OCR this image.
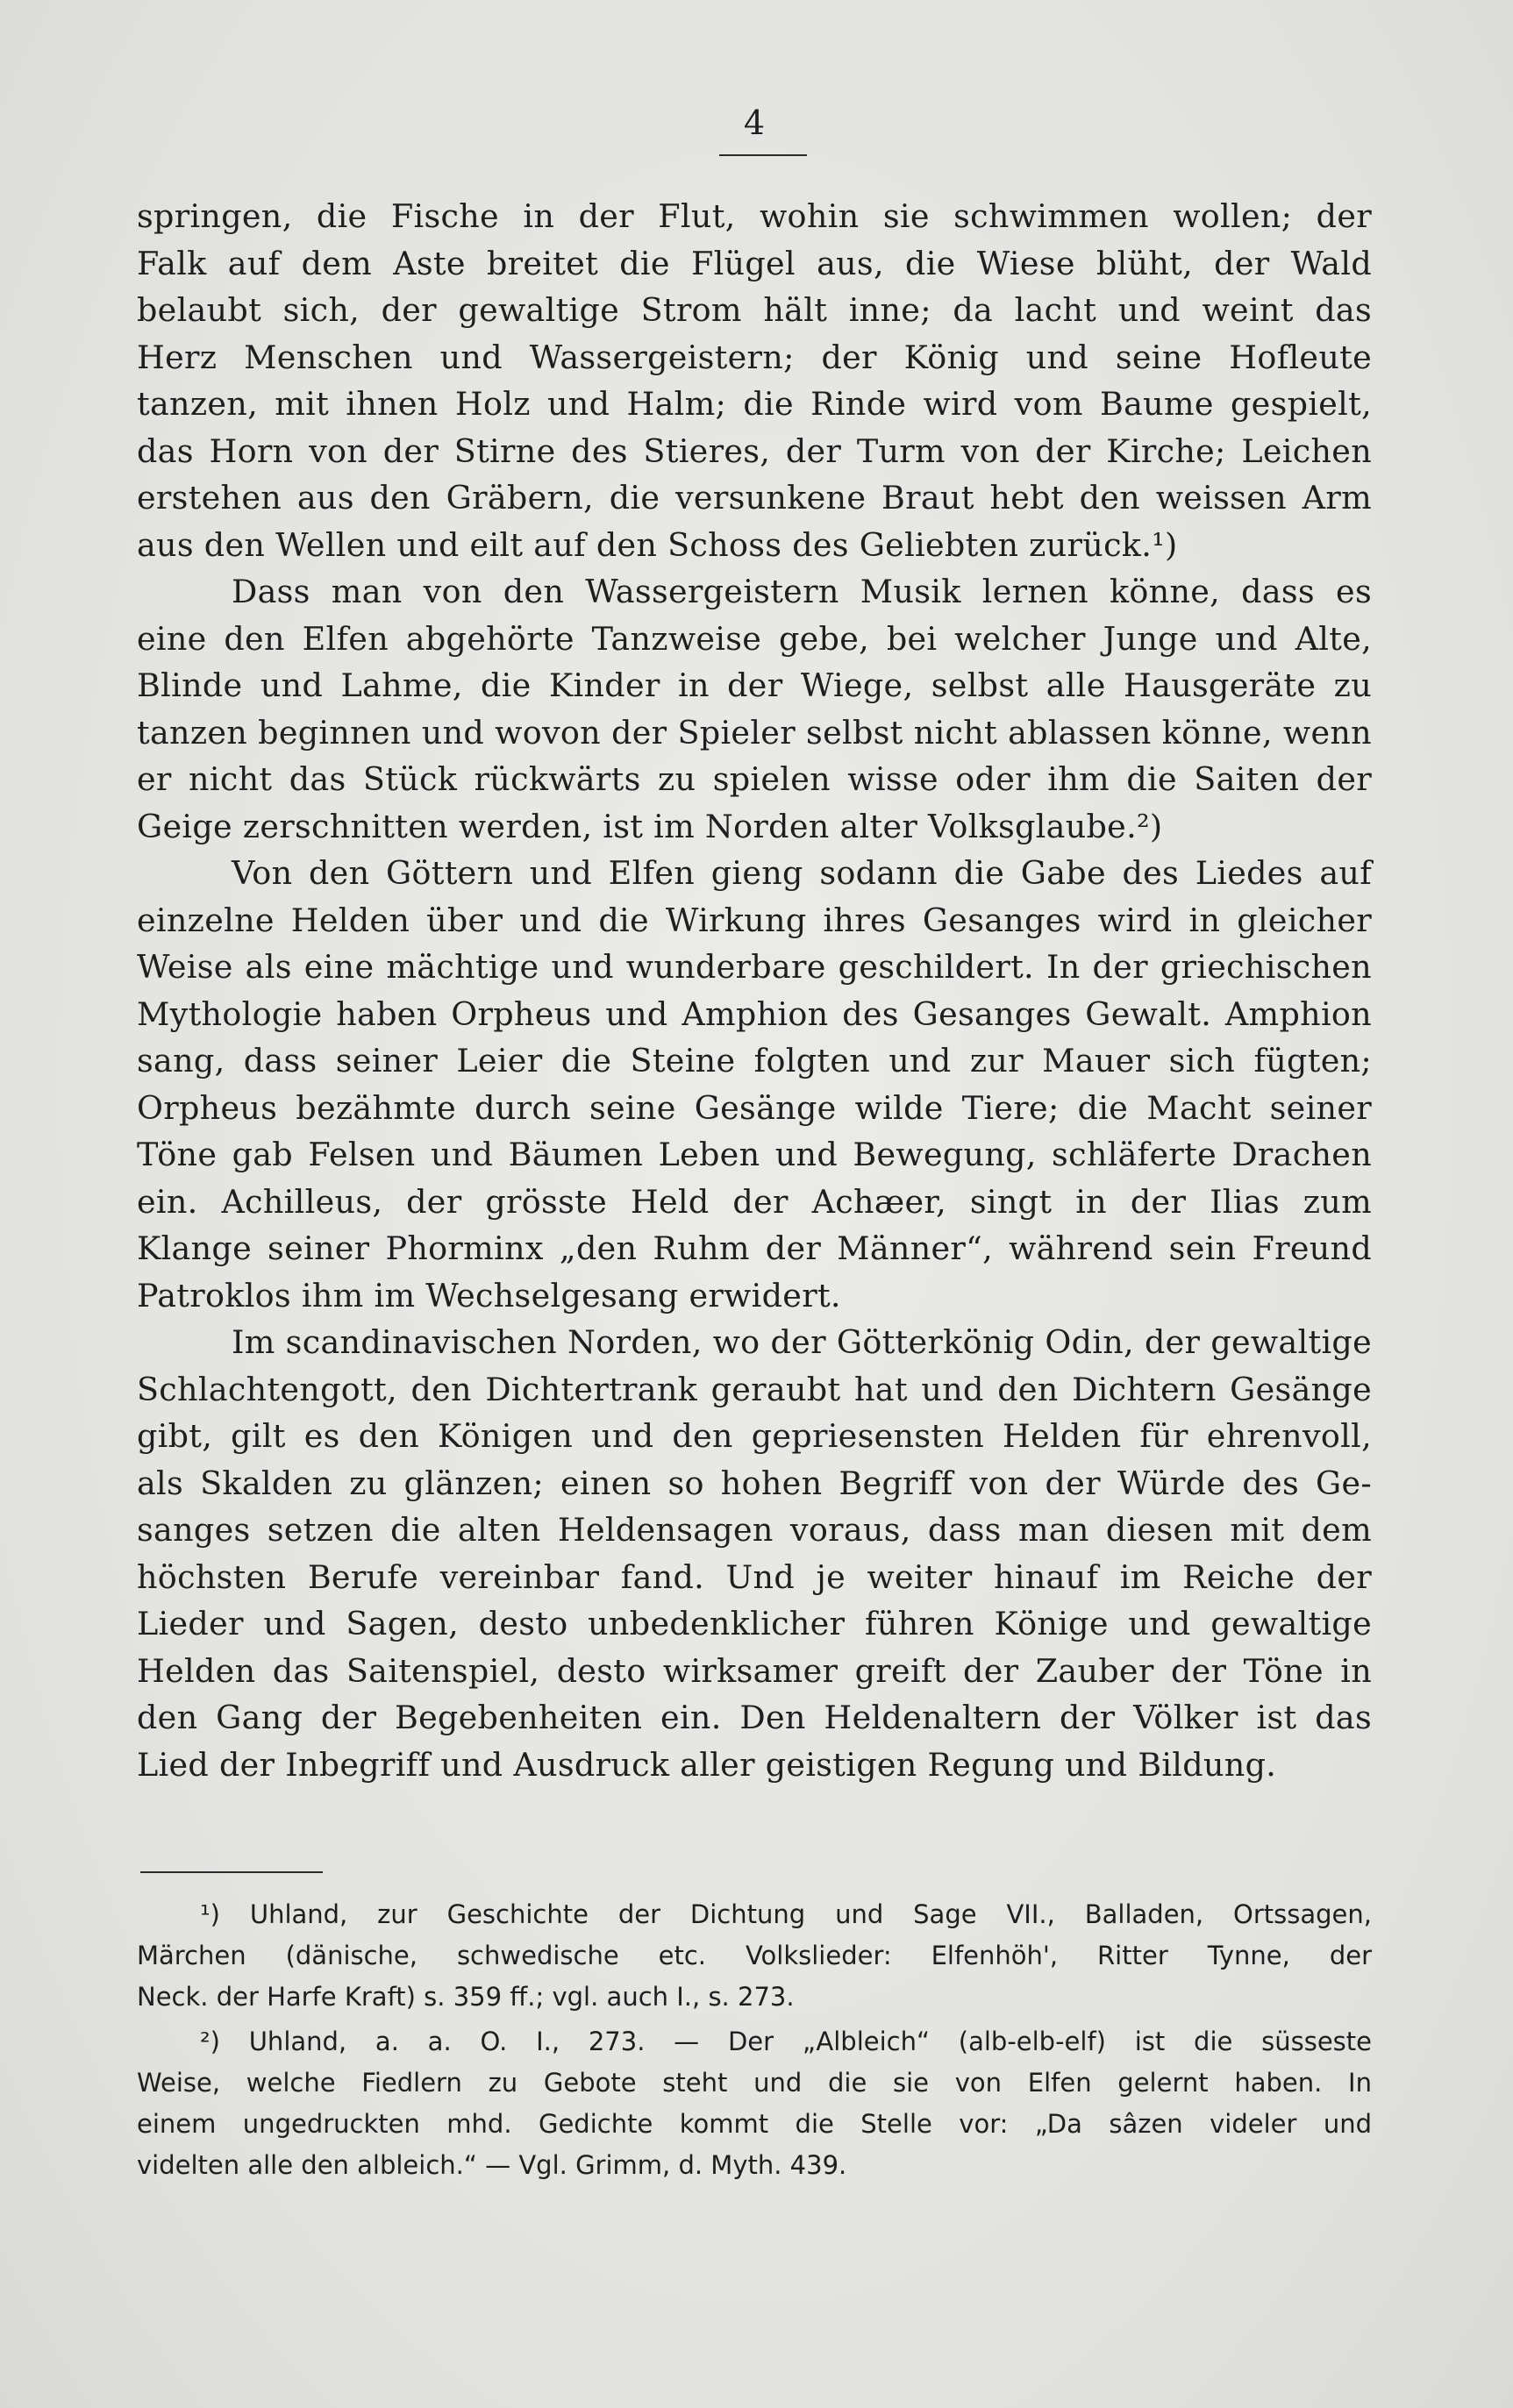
4
springen, die Fische in der Flut, wohin sie schwimmen wollen; der
Falk auf dem Aste breitet die Flügel aus, die Wiese blüht, der Wald
belaubt sich, der gewaltige Strom hält inne; da lacht und weint das
Herz Menschen und Wassergeistern; der König und seine Hofleute
tanzen, mit ihnen Holz und Halm; die Rinde wird vom Baume gespielt,
das Horn von der Stirne des Stieres, der Turm von der Kirche; Leichen
erstehen aus den Gräbern, die versunkene Braut hebt den weissen Arm
aus den Wellen und eilt auf den Schoss des Geliebten zurück.¹)
Dass man von den Wassergeistern Musik lernen könne, dass es
eine den Elfen abgehörte Tanzweise gebe, bei welcher Junge und Alte,
Blinde und Lahme, die Kinder in der Wiege, selbst alle Hausgeräte zu
tanzen beginnen und wovon der Spieler selbst nicht ablassen könne, wenn
er nicht das Stück rückwärts zu spielen wisse oder ihm die Saiten der
Geige zerschnitten werden, ist im Norden alter Volksglaube.²)
Von den Göttern und Elfen gieng sodann die Gabe des Liedes auf
einzelne Helden über und die Wirkung ihres Gesanges wird in gleicher
Weise als eine mächtige und wunderbare geschildert. In der griechischen
Mythologie haben Orpheus und Amphion des Gesanges Gewalt. Amphion
sang, dass seiner Leier die Steine folgten und zur Mauer sich fügten;
Orpheus bezähmte durch seine Gesänge wilde Tiere; die Macht seiner
Töne gab Felsen und Bäumen Leben und Bewegung, schläferte Drachen
ein. Achilleus, der grösste Held der Achæer, singt in der Ilias zum
Klange seiner Phorminx „den Ruhm der Männer“, während sein Freund
Patroklos ihm im Wechselgesang erwidert.
Im scandinavischen Norden, wo der Götterkönig Odin, der gewaltige
Schlachtengott, den Dichtertrank geraubt hat und den Dichtern Gesänge
gibt, gilt es den Königen und den gepriesensten Helden für ehrenvoll,
als Skalden zu glänzen; einen so hohen Begriff von der Würde des Ge-
sanges setzen die alten Heldensagen voraus, dass man diesen mit dem
höchsten Berufe vereinbar fand. Und je weiter hinauf im Reiche der
Lieder und Sagen, desto unbedenklicher führen Könige und gewaltige
Helden das Saitenspiel, desto wirksamer greift der Zauber der Töne in
den Gang der Begebenheiten ein. Den Heldenaltern der Völker ist das
Lied der Inbegriff und Ausdruck aller geistigen Regung und Bildung.
¹) Uhland, zur Geschichte der Dichtung und Sage VII., Balladen, Ortssagen,
Märchen (dänische, schwedische etc. Volkslieder: Elfenhöh', Ritter Tynne, der
Neck. der Harfe Kraft) s. 359 ff.; vgl. auch I., s. 273.
²) Uhland, a. a. O. I., 273. — Der „Albleich“ (alb-elb-elf) ist die süsseste
Weise, welche Fiedlern zu Gebote steht und die sie von Elfen gelernt haben. In
einem ungedruckten mhd. Gedichte kommt die Stelle vor: „Da sâzen videler und
videlten alle den albleich.“ — Vgl. Grimm, d. Myth. 439.
